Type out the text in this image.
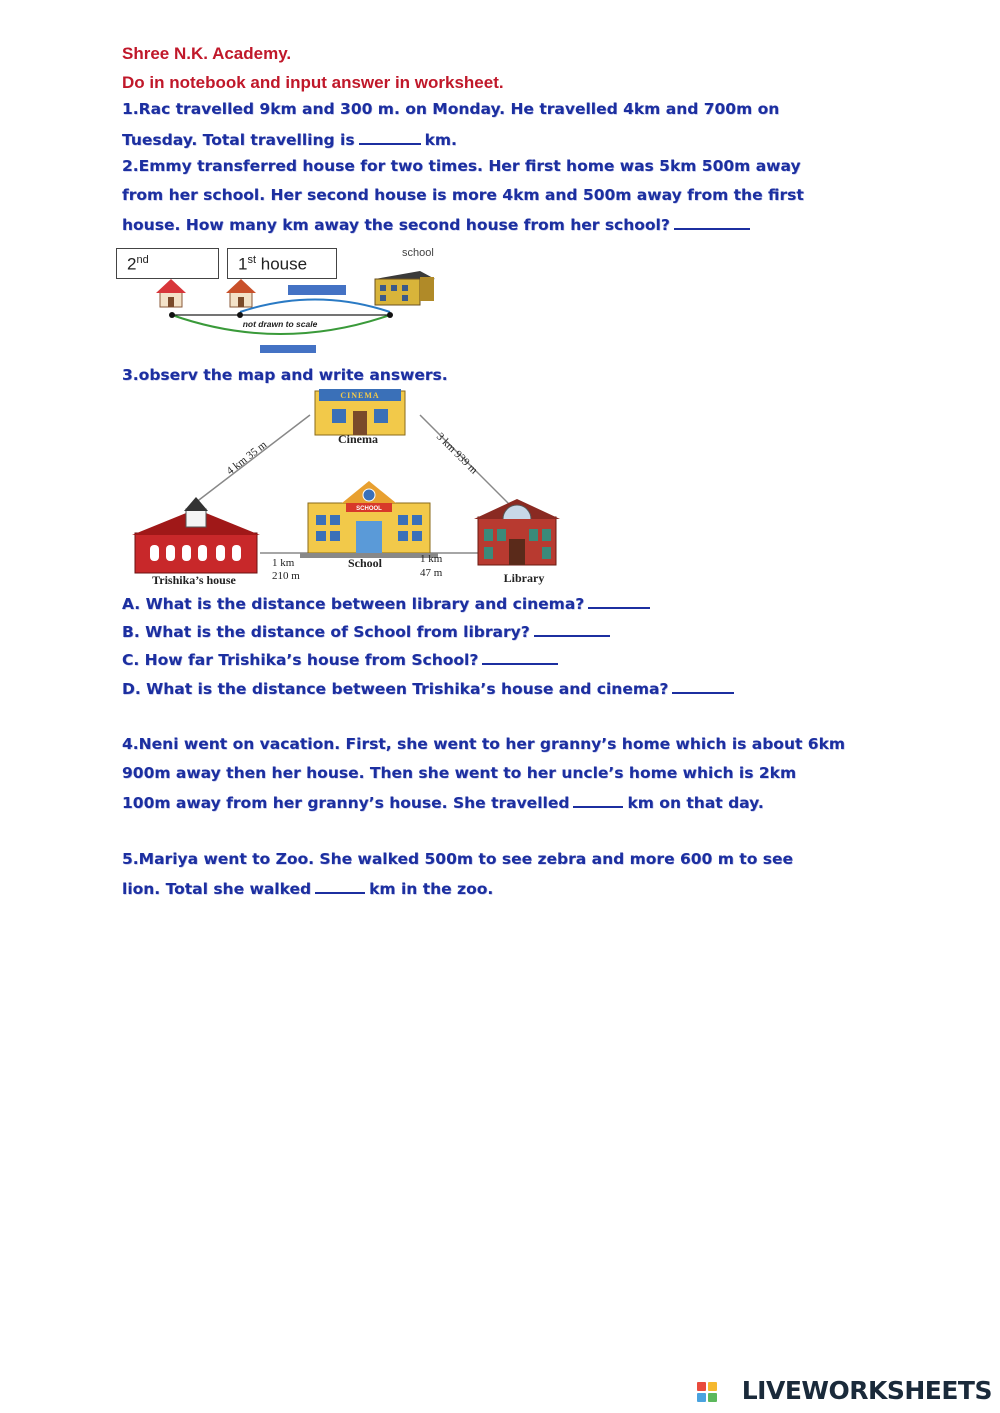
Shree N.K. Academy.

Do in notebook and input answer in worksheet.

1.Rac travelled 9km and 300 m. on Monday. He travelled 4km and 700m on

Tuesday. Total travelling is	km.

2.Emmy transferred house for two times. Her first home was 5km 500m away

from her school. Her second house is more 4km and 500m away from the first

house. How many km away the second house from her school?

2nd	1st house
school
not drawn to scale

3.observ the map and write answers.

CINEMA
Cinema
4 km 35 m	3 km 939 m
Trishika’s house
SCHOOL
School
1 km
210 m
1 km
47 m	Library

A. What is the distance between library and cinema?

B. What is the distance of School from library?

C. How far Trishika’s house from School?

D. What is the distance between Trishika’s house and cinema?

4.Neni went on vacation. First, she went to her granny’s home which is about 6km

900m away then her house. Then she went to her uncle’s home which is 2km

100m away from her granny’s house. She travelled	km on that day.

5.Mariya went to Zoo. She walked 500m to see zebra and more 600 m to see

lion. Total she walked	km in the zoo.

LIVEWORKSHEETS
